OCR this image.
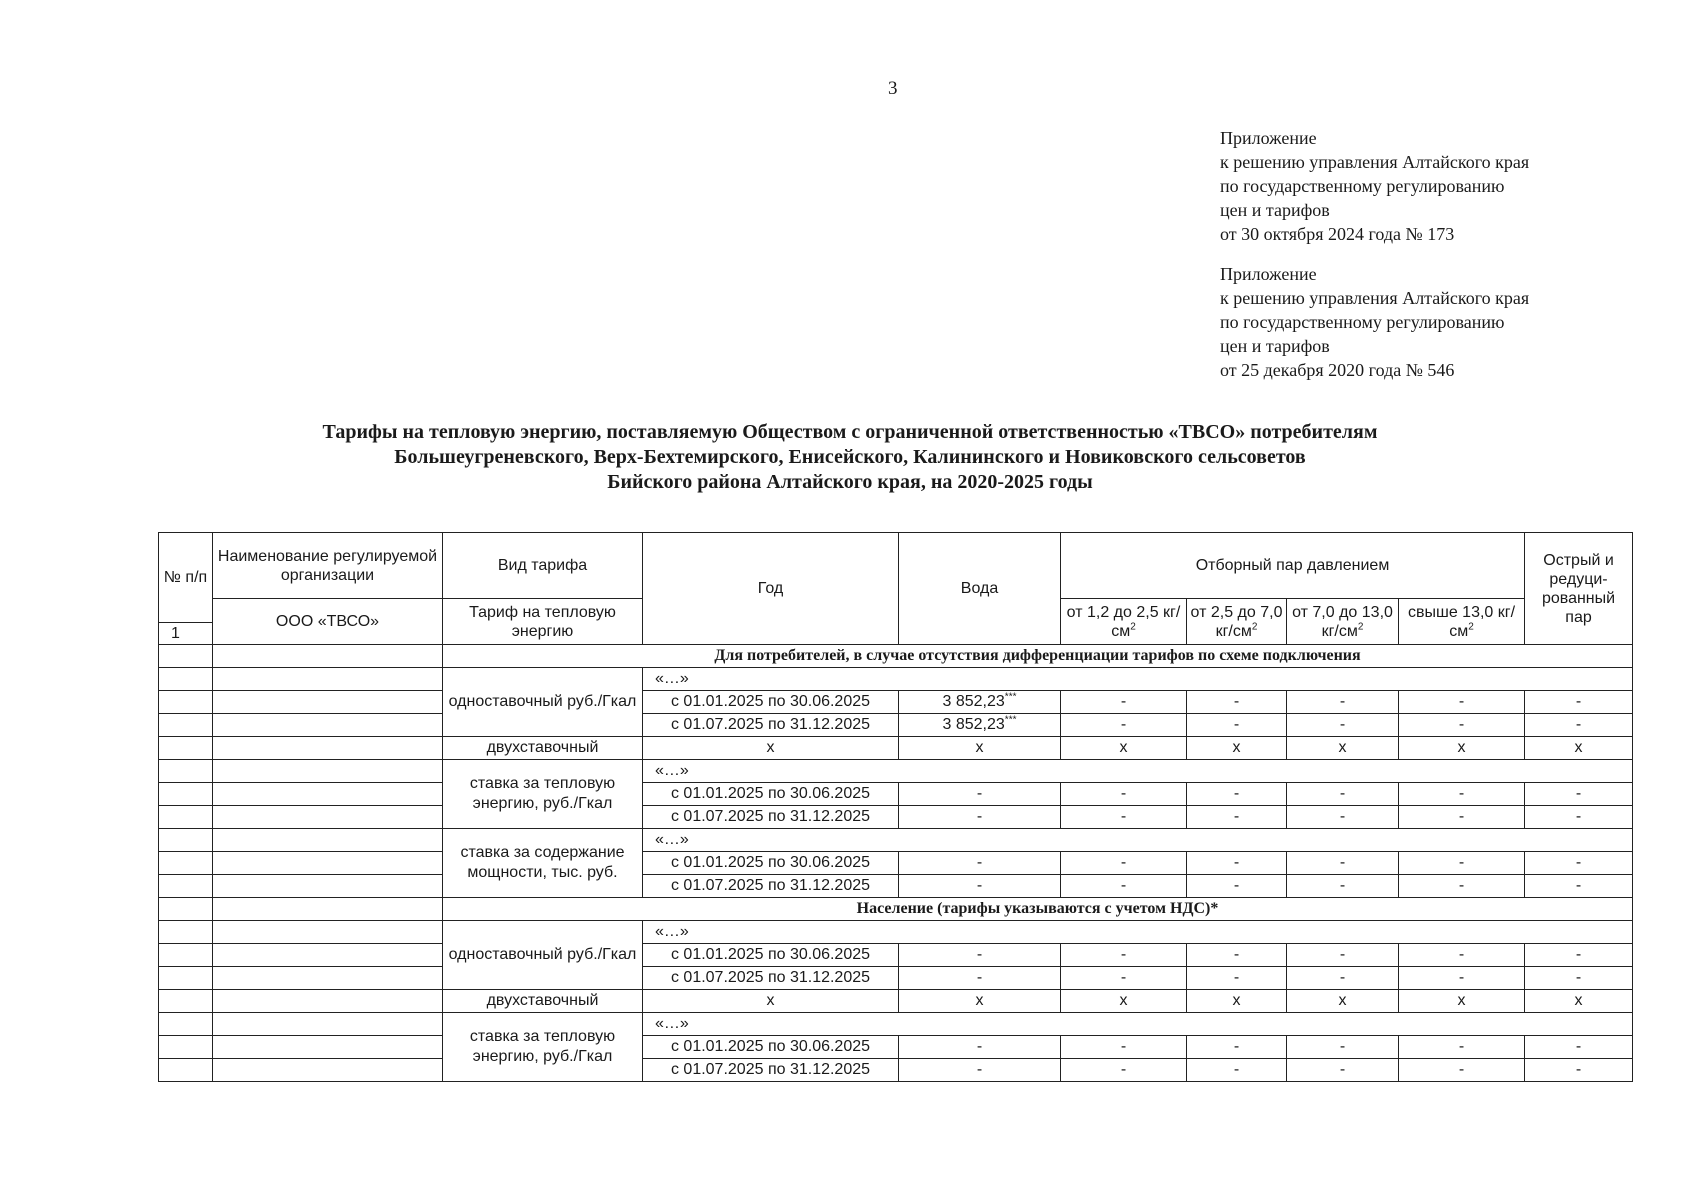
3
Приложение
к решению управления Алтайского края
по государственному регулированию
цен и тарифов
от 30 октября 2024 года № 173
Приложение
к решению управления Алтайского края
по государственному регулированию
цен и тарифов
от 25 декабря 2020 года № 546
Тарифы на тепловую энергию, поставляемую Обществом с ограниченной ответственностью «ТВСО» потребителям
Большеугреневского, Верх-Бехтемирского, Енисейского, Калининского и Новиковского сельсоветов
Бийского района Алтайского края, на 2020-2025 годы
№ п/п	Наименование регулируемой организации	Вид тарифа	Год	Вода	Отборный пар давлением				Острый и редуци-рованный пар
	ООО «ТВСО»	Тариф на тепловую энергию			от 1,2 до 2,5 $кг/см^2$	от 2,5 до 7,0 $кг/см^2$	от 7,0 до 13,0 $кг/см^2$	свыше 13,0 $кг/см^2$
1									
		Для потребителей, в случае отсутствия дифференциации тарифов по схеме подключения							
		одноставочный руб./Гкал	«…»						
			с 01.01.2025 по 30.06.2025	3 852,23***	-	-	-	-	-
			с 01.07.2025 по 31.12.2025	3 852,23***	-	-	-	-	-
		двухставочный	х	х	х	х	х	х	х
		ставка за тепловую энергию, руб./Гкал	«…»						
			с 01.01.2025 по 30.06.2025	-	-	-	-	-	-
			с 01.07.2025 по 31.12.2025	-	-	-	-	-	-
		ставка за содержание мощности, тыс. руб.	«…»						
			с 01.01.2025 по 30.06.2025	-	-	-	-	-	-
			с 01.07.2025 по 31.12.2025	-	-	-	-	-	-
		Население (тарифы указываются с учетом НДС)*							
		одноставочный руб./Гкал	«…»						
			с 01.01.2025 по 30.06.2025	-	-	-	-	-	-
			с 01.07.2025 по 31.12.2025	-	-	-	-	-	-
		двухставочный	х	х	х	х	х	х	х
		ставка за тепловую энергию, руб./Гкал	«…»						
			с 01.01.2025 по 30.06.2025	-	-	-	-	-	-
			с 01.07.2025 по 31.12.2025	-	-	-	-	-	-
